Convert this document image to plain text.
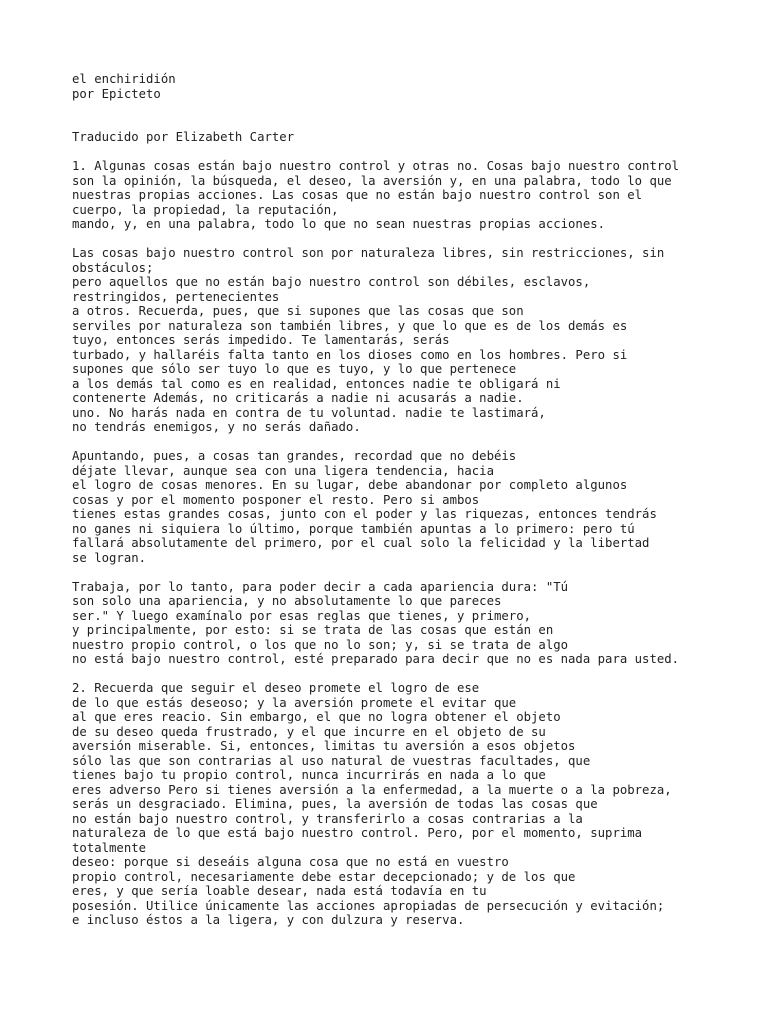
el enchiridión
por Epicteto
Traducido por Elizabeth Carter
1. Algunas cosas están bajo nuestro control y otras no. Cosas bajo nuestro control
son la opinión, la búsqueda, el deseo, la aversión y, en una palabra, todo lo que
nuestras propias acciones. Las cosas que no están bajo nuestro control son el
cuerpo, la propiedad, la reputación,
mando, y, en una palabra, todo lo que no sean nuestras propias acciones.
Las cosas bajo nuestro control son por naturaleza libres, sin restricciones, sin
obstáculos;
pero aquellos que no están bajo nuestro control son débiles, esclavos,
restringidos, pertenecientes
a otros. Recuerda, pues, que si supones que las cosas que son
serviles por naturaleza son también libres, y que lo que es de los demás es
tuyo, entonces serás impedido. Te lamentarás, serás
turbado, y hallaréis falta tanto en los dioses como en los hombres. Pero si
supones que sólo ser tuyo lo que es tuyo, y lo que pertenece
a los demás tal como es en realidad, entonces nadie te obligará ni
contenerte Además, no criticarás a nadie ni acusarás a nadie.
uno. No harás nada en contra de tu voluntad. nadie te lastimará,
no tendrás enemigos, y no serás dañado.
Apuntando, pues, a cosas tan grandes, recordad que no debéis
déjate llevar, aunque sea con una ligera tendencia, hacia
el logro de cosas menores. En su lugar, debe abandonar por completo algunos
cosas y por el momento posponer el resto. Pero si ambos
tienes estas grandes cosas, junto con el poder y las riquezas, entonces tendrás
no ganes ni siquiera lo último, porque también apuntas a lo primero: pero tú
fallará absolutamente del primero, por el cual solo la felicidad y la libertad
se logran.
Trabaja, por lo tanto, para poder decir a cada apariencia dura: "Tú
son solo una apariencia, y no absolutamente lo que pareces
ser." Y luego examínalo por esas reglas que tienes, y primero,
y principalmente, por esto: si se trata de las cosas que están en
nuestro propio control, o los que no lo son; y, si se trata de algo
no está bajo nuestro control, esté preparado para decir que no es nada para usted.
2. Recuerda que seguir el deseo promete el logro de ese
de lo que estás deseoso; y la aversión promete el evitar que
al que eres reacio. Sin embargo, el que no logra obtener el objeto
de su deseo queda frustrado, y el que incurre en el objeto de su
aversión miserable. Si, entonces, limitas tu aversión a esos objetos
sólo las que son contrarias al uso natural de vuestras facultades, que
tienes bajo tu propio control, nunca incurrirás en nada a lo que
eres adverso Pero si tienes aversión a la enfermedad, a la muerte o a la pobreza,
serás un desgraciado. Elimina, pues, la aversión de todas las cosas que
no están bajo nuestro control, y transferirlo a cosas contrarias a la
naturaleza de lo que está bajo nuestro control. Pero, por el momento, suprima
totalmente
deseo: porque si deseáis alguna cosa que no está en vuestro
propio control, necesariamente debe estar decepcionado; y de los que
eres, y que sería loable desear, nada está todavía en tu
posesión. Utilice únicamente las acciones apropiadas de persecución y evitación;
e incluso éstos a la ligera, y con dulzura y reserva.
